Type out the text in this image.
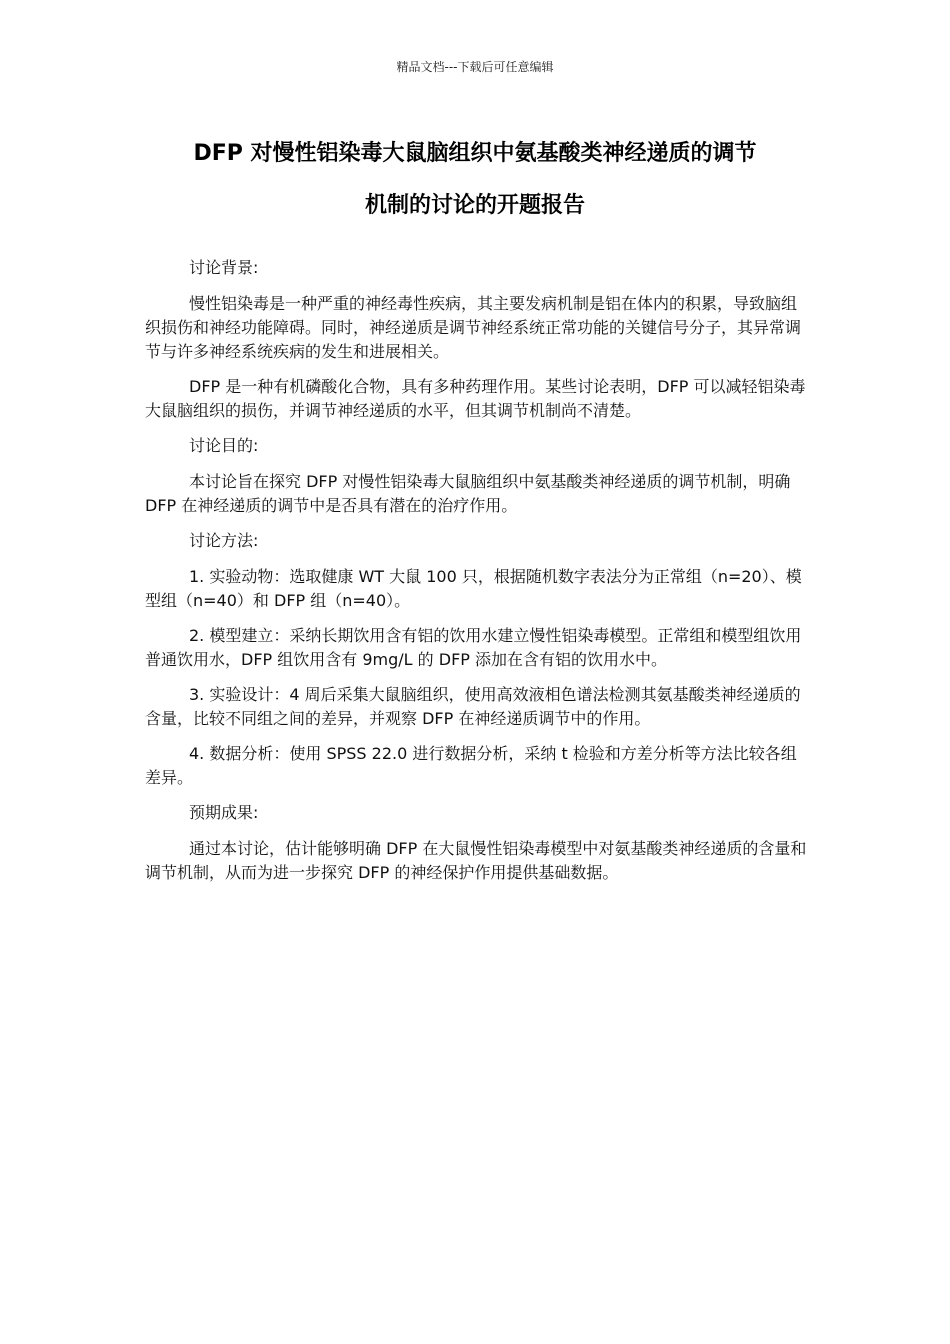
精品文档---下载后可任意编辑
DFP 对慢性铝染毒大鼠脑组织中氨基酸类神经递质的调节
机制的讨论的开题报告

讨论背景:

慢性铝染毒是一种严重的神经毒性疾病，其主要发病机制是铝在体内的积累，导致脑组织损伤和神经功能障碍。同时，神经递质是调节神经系统正常功能的关键信号分子，其异常调节与许多神经系统疾病的发生和进展相关。

DFP 是一种有机磷酸化合物，具有多种药理作用。某些讨论表明，DFP 可以减轻铝染毒大鼠脑组织的损伤，并调节神经递质的水平，但其调节机制尚不清楚。

讨论目的:

本讨论旨在探究 DFP 对慢性铝染毒大鼠脑组织中氨基酸类神经递质的调节机制，明确 DFP 在神经递质的调节中是否具有潜在的治疗作用。

讨论方法:

1. 实验动物：选取健康 WT 大鼠 100 只，根据随机数字表法分为正常组（n=20）、模型组（n=40）和 DFP 组（n=40）。

2. 模型建立：采纳长期饮用含有铝的饮用水建立慢性铝染毒模型。正常组和模型组饮用普通饮用水，DFP 组饮用含有 9mg/L 的 DFP 添加在含有铝的饮用水中。

3. 实验设计：4 周后采集大鼠脑组织，使用高效液相色谱法检测其氨基酸类神经递质的含量，比较不同组之间的差异，并观察 DFP 在神经递质调节中的作用。

4. 数据分析：使用 SPSS 22.0 进行数据分析，采纳 t 检验和方差分析等方法比较各组差异。

预期成果:

通过本讨论，估计能够明确 DFP 在大鼠慢性铝染毒模型中对氨基酸类神经递质的含量和调节机制，从而为进一步探究 DFP 的神经保护作用提供基础数据。
